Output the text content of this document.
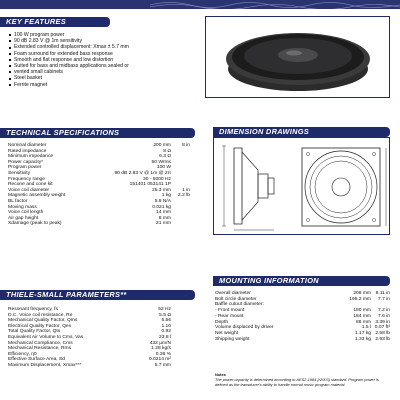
KEY FEATURES
100 W program power
90 dB 2.83 V @ 1m sensitivity
Extended controlled displacement: Xmax ± 5.7 mm
Foam surround for extended bass response
Smooth and flat response and low distortion
Suited for bass and midbass applications sealed or
vented small cabinets
Steel basket
Ferrite magnet
TECHNICAL SPECIFICATIONS
Nominal diameter	200 mm	8 in
Rated impedance	8 Ω	
Minimum impedance	6.3 Ω	
Power capacity*	50 Wrms	
Program power	100 W	
Sensitivity	90 dB 2.83 V @ 1m @ 2π	
Frequency range	30 - 5000 Hz	
Recone and cone kit	151401 053141 1P	
Voice coil diameter	25.3 mm	1 in
Magnetic assembly weight	1 kg	2.2 lb
BL factor	5.9 N/A	
Moving mass	0.021 kg	
Voice coil length	14 mm	
Air gap height	8 mm	
Xdamage (peak to peak)	21 mm	
DIMENSION DRAWINGS
THIELE-SMALL PARAMETERS**
Resonant frequency, fs	52 Hz	
D.C. Voice coil resistance, Re	5.5 Ω	
Mechanical Quality Factor, Qms	5.56	
Electrical Quality Factor, Qes	1.10	
Total Quality Factor, Qts	0.92	
Equivalent Air Volume to Cms, Vas	23.8 l	
Mechanical Compliance, Cms	432 µm/N	
Mechanical Resistance, Rms	1.28 kg/s	
Efficiency, η0	0.36 %	
Effective Surface Area, Sd	0.0214 m²	
Maximum Displacement, Xmax***	5.7 mm	
MOUNTING INFORMATION
Overall diameter	208 mm	8.11 in
Bolt circle diameter	195.2 mm	7.7 in
Baffle cutout diameter:		
- Front mount	180 mm	7.2 in
- Rear mount	184 mm	7.6 in
Depth	86 mm	3.39 in
Volume displaced by driver	1.5 l	0.07 ft³
Net weight	1.17 kg	2.58 lb
Shipping weight	1.33 kg	2.93 lb
Notes
The power capacity is determined according to AES2-1984 (r2003) standard. Program power is defined as the transducer's ability to handle normal music program material.
